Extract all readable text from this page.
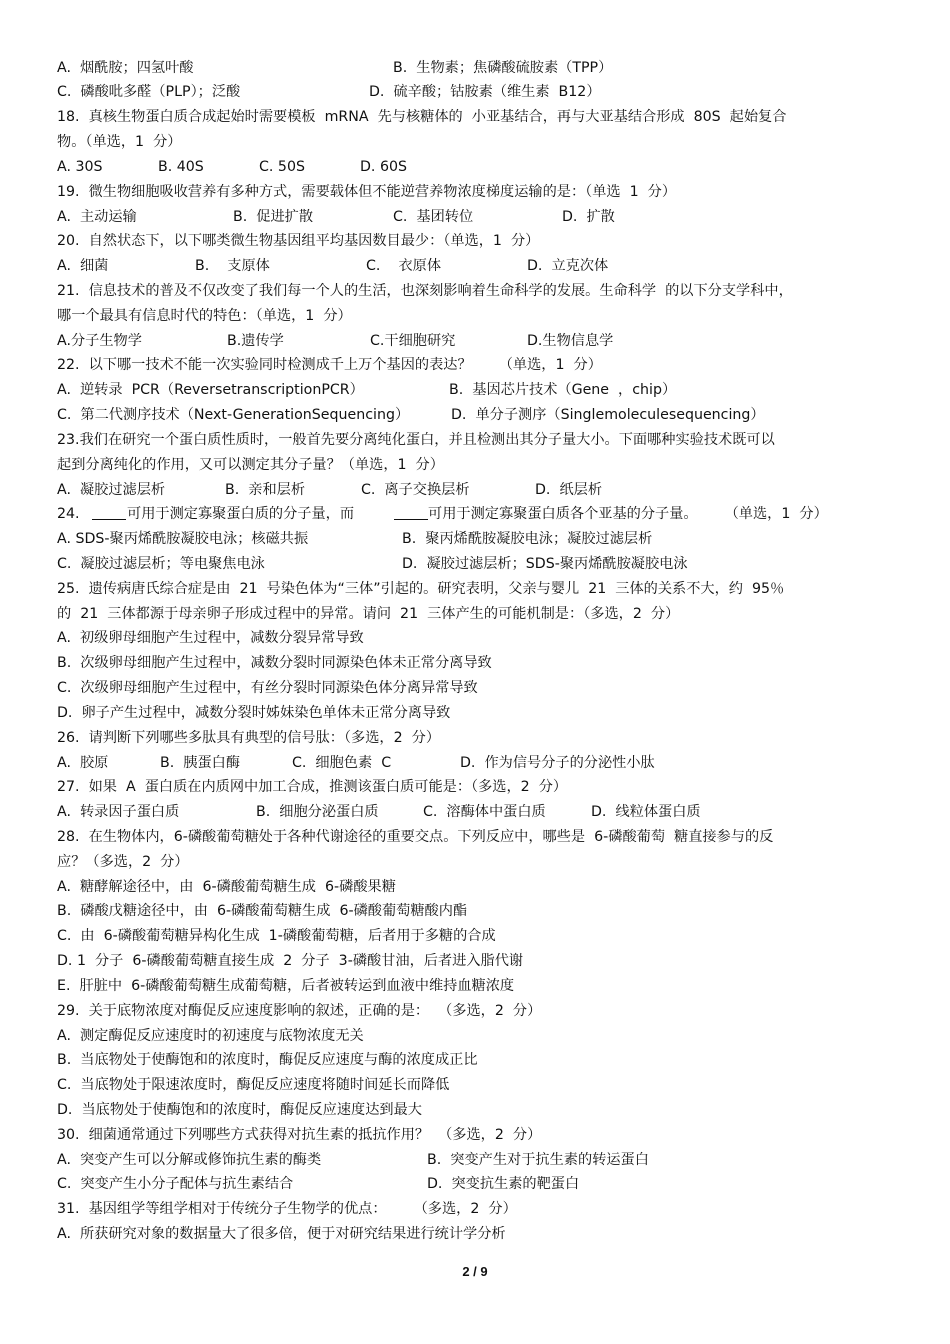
A.  烟酰胺；四氢叶酸	B.  生物素；焦磷酸硫胺素（TPP）
C.  磷酸吡多醛（PLP）；泛酸	D.  硫辛酸；钴胺素（维生素  B12）
18.  真核生物蛋白质合成起始时需要模板  mRNA  先与核糖体的  小亚基结合，再与大亚基结合形成  80S  起始复合
物。（单选，1  分）
A. 30S	B. 40S	C. 50S	D. 60S
19.  微生物细胞吸收营养有多种方式，需要载体但不能逆营养物浓度梯度运输的是：（单选  1  分）
A.  主动运输	B.  促进扩散	C.  基团转位	D.  扩散
20.  自然状态下，以下哪类微生物基因组平均基因数目最少：（单选，1  分）
A.  细菌	B.    支原体	C.    衣原体	D.  立克次体
21.  信息技术的普及不仅改变了我们每一个人的生活，也深刻影响着生命科学的发展。生命科学  的以下分支学科中，
哪一个最具有信息时代的特色：（单选，1  分）
A.分子生物学	B.遗传学	C.干细胞研究	D.生物信息学
22.  以下哪一技术不能一次实验同时检测成千上万个基因的表达？      （单选，1  分）
A.  逆转录  PCR（ReversetranscriptionPCR）	B.  基因芯片技术（Gene  ，chip）
C.  第二代测序技术（Next-GenerationSequencing）	D.  单分子测序（Singlemoleculesequencing）
23.我们在研究一个蛋白质性质时，一般首先要分离纯化蛋白，并且检测出其分子量大小。下面哪种实验技术既可以
起到分离纯化的作用，又可以测定其分子量？（单选，1  分）
A.  凝胶过滤层析	B.  亲和层析	C.  离子交换层析	D.  纸层析
24.	可用于测定寡聚蛋白质的分子量，而	可用于测定寡聚蛋白质各个亚基的分子量。      （单选，1  分）
A. SDS-聚丙烯酰胺凝胶电泳；核磁共振	B.  聚丙烯酰胺凝胶电泳；凝胶过滤层析
C.  凝胶过滤层析；等电聚焦电泳	D.  凝胶过滤层析；SDS-聚丙烯酰胺凝胶电泳
25.  遗传病唐氏综合症是由  21  号染色体为“三体”引起的。研究表明，父亲与婴儿  21  三体的关系不大，约  95％
的  21  三体都源于母亲卵子形成过程中的异常。请问  21  三体产生的可能机制是：（多选，2  分）
A.  初级卵母细胞产生过程中，减数分裂异常导致
B.  次级卵母细胞产生过程中，减数分裂时同源染色体未正常分离导致
C.  次级卵母细胞产生过程中，有丝分裂时同源染色体分离异常导致
D.  卵子产生过程中，减数分裂时姊妹染色单体未正常分离导致
26.  请判断下列哪些多肽具有典型的信号肽：（多选，2  分）
A.  胶原	B.  胰蛋白酶	C.  细胞色素  C	D.  作为信号分子的分泌性小肽
27.  如果  A  蛋白质在内质网中加工合成，推测该蛋白质可能是：（多选，2  分）
A.  转录因子蛋白质	B.  细胞分泌蛋白质	C.  溶酶体中蛋白质	D.  线粒体蛋白质
28.  在生物体内，6-磷酸葡萄糖处于各种代谢途径的重要交点。下列反应中，哪些是  6-磷酸葡萄  糖直接参与的反
应？（多选，2  分）
A.  糖酵解途径中，由  6-磷酸葡萄糖生成  6-磷酸果糖
B.  磷酸戊糖途径中，由  6-磷酸葡萄糖生成  6-磷酸葡萄糖酸内酯
C.  由  6-磷酸葡萄糖异构化生成  1-磷酸葡萄糖，后者用于多糖的合成
D. 1  分子  6-磷酸葡萄糖直接生成  2  分子  3-磷酸甘油，后者进入脂代谢
E.  肝脏中  6-磷酸葡萄糖生成葡萄糖，后者被转运到血液中维持血糖浓度
29.  关于底物浓度对酶促反应速度影响的叙述，正确的是：  （多选，2  分）
A.  测定酶促反应速度时的初速度与底物浓度无关
B.  当底物处于使酶饱和的浓度时，酶促反应速度与酶的浓度成正比
C.  当底物处于限速浓度时，酶促反应速度将随时间延长而降低
D.  当底物处于使酶饱和的浓度时，酶促反应速度达到最大
30.  细菌通常通过下列哪些方式获得对抗生素的抵抗作用？  （多选，2  分）
A.  突变产生可以分解或修饰抗生素的酶类	B.  突变产生对于抗生素的转运蛋白
C.  突变产生小分子配体与抗生素结合	D.  突变抗生素的靶蛋白
31.  基因组学等组学相对于传统分子生物学的优点：      （多选，2  分）
A.  所获研究对象的数据量大了很多倍，便于对研究结果进行统计学分析
2 / 9
